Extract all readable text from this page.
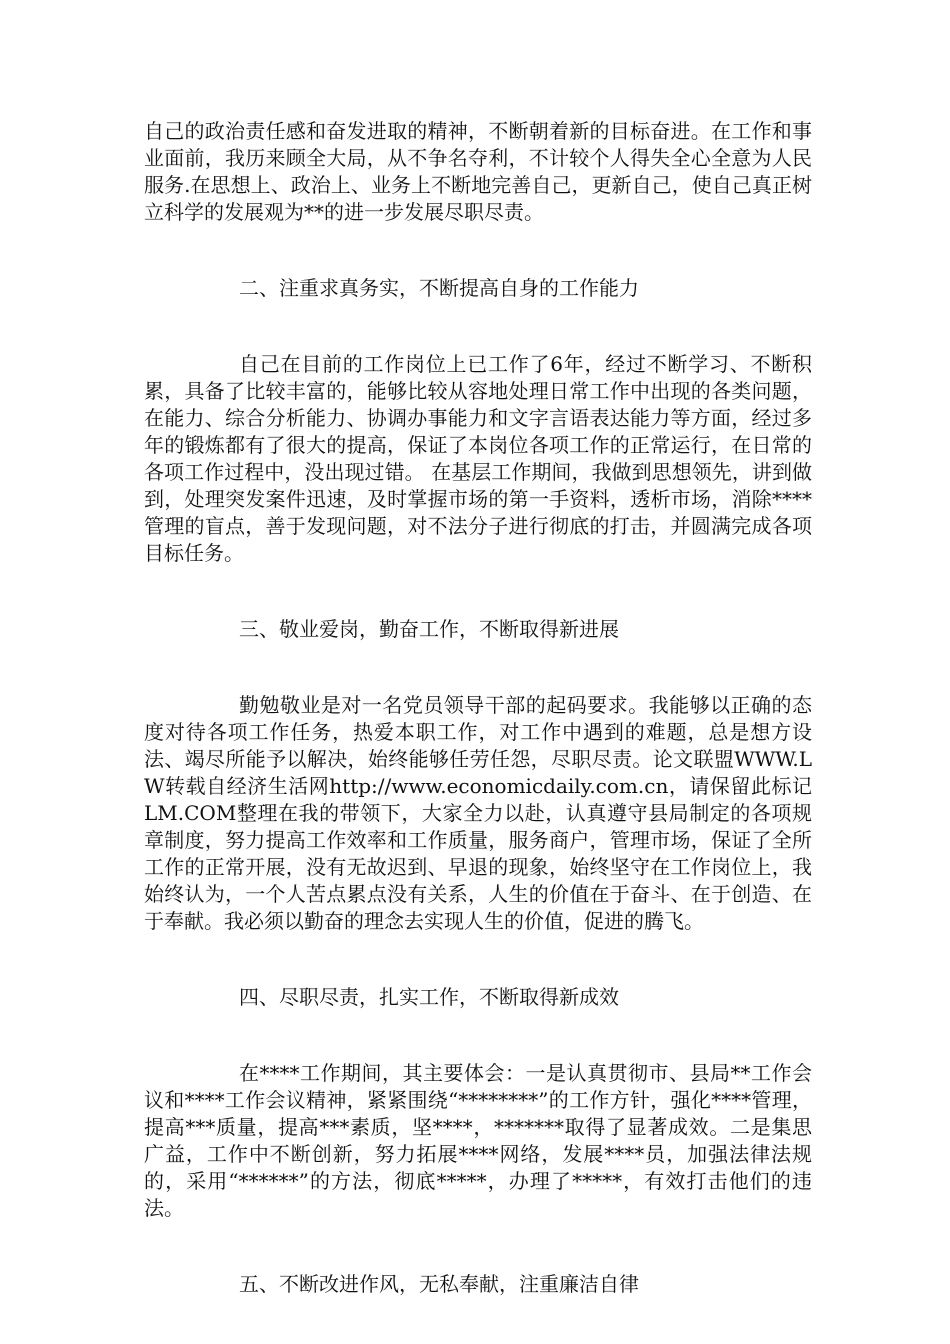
自己的政治责任感和奋发进取的精神，不断朝着新的目标奋进。在工作和事业面前，我历来顾全大局，从不争名夺利，不计较个人得失全心全意为人民服务.在思想上、政治上、业务上不断地完善自己，更新自己，使自己真正树立科学的发展观为**的进一步发展尽职尽责。

二、注重求真务实，不断提高自身的工作能力

自己在目前的工作岗位上已工作了6年，经过不断学习、不断积累，具备了比较丰富的，能够比较从容地处理日常工作中出现的各类问题，在能力、综合分析能力、协调办事能力和文字言语表达能力等方面，经过多年的锻炼都有了很大的提高，保证了本岗位各项工作的正常运行，在日常的各项工作过程中，没出现过错。 在基层工作期间，我做到思想领先，讲到做到，处理突发案件迅速，及时掌握市场的第一手资料，透析市场，消除****管理的盲点，善于发现问题，对不法分子进行彻底的打击，并圆满完成各项目标任务。

三、敬业爱岗，勤奋工作，不断取得新进展

勤勉敬业是对一名党员领导干部的起码要求。我能够以正确的态度对待各项工作任务，热爱本职工作，对工作中遇到的难题，总是想方设法、竭尽所能予以解决，始终能够任劳任怨，尽职尽责。论文联盟WWW.LW转载自经济生活网http://www.economicdaily.com.cn，请保留此标记LM.COM整理在我的带领下，大家全力以赴，认真遵守县局制定的各项规章制度，努力提高工作效率和工作质量，服务商户，管理市场，保证了全所工作的正常开展，没有无故迟到、早退的现象，始终坚守在工作岗位上，我始终认为，一个人苦点累点没有关系，人生的价值在于奋斗、在于创造、在于奉献。我必须以勤奋的理念去实现人生的价值，促进的腾飞。

四、尽职尽责，扎实工作，不断取得新成效

在****工作期间，其主要体会：一是认真贯彻市、县局**工作会议和****工作会议精神，紧紧围绕“********”的工作方针，强化****管理，提高***质量，提高***素质，坚****，*******取得了显著成效。二是集思广益，工作中不断创新，努力拓展****网络，发展****员，加强法律法规的，采用“******”的方法，彻底*****，办理了*****，有效打击他们的违法。

五、不断改进作风，无私奉献，注重廉洁自律
